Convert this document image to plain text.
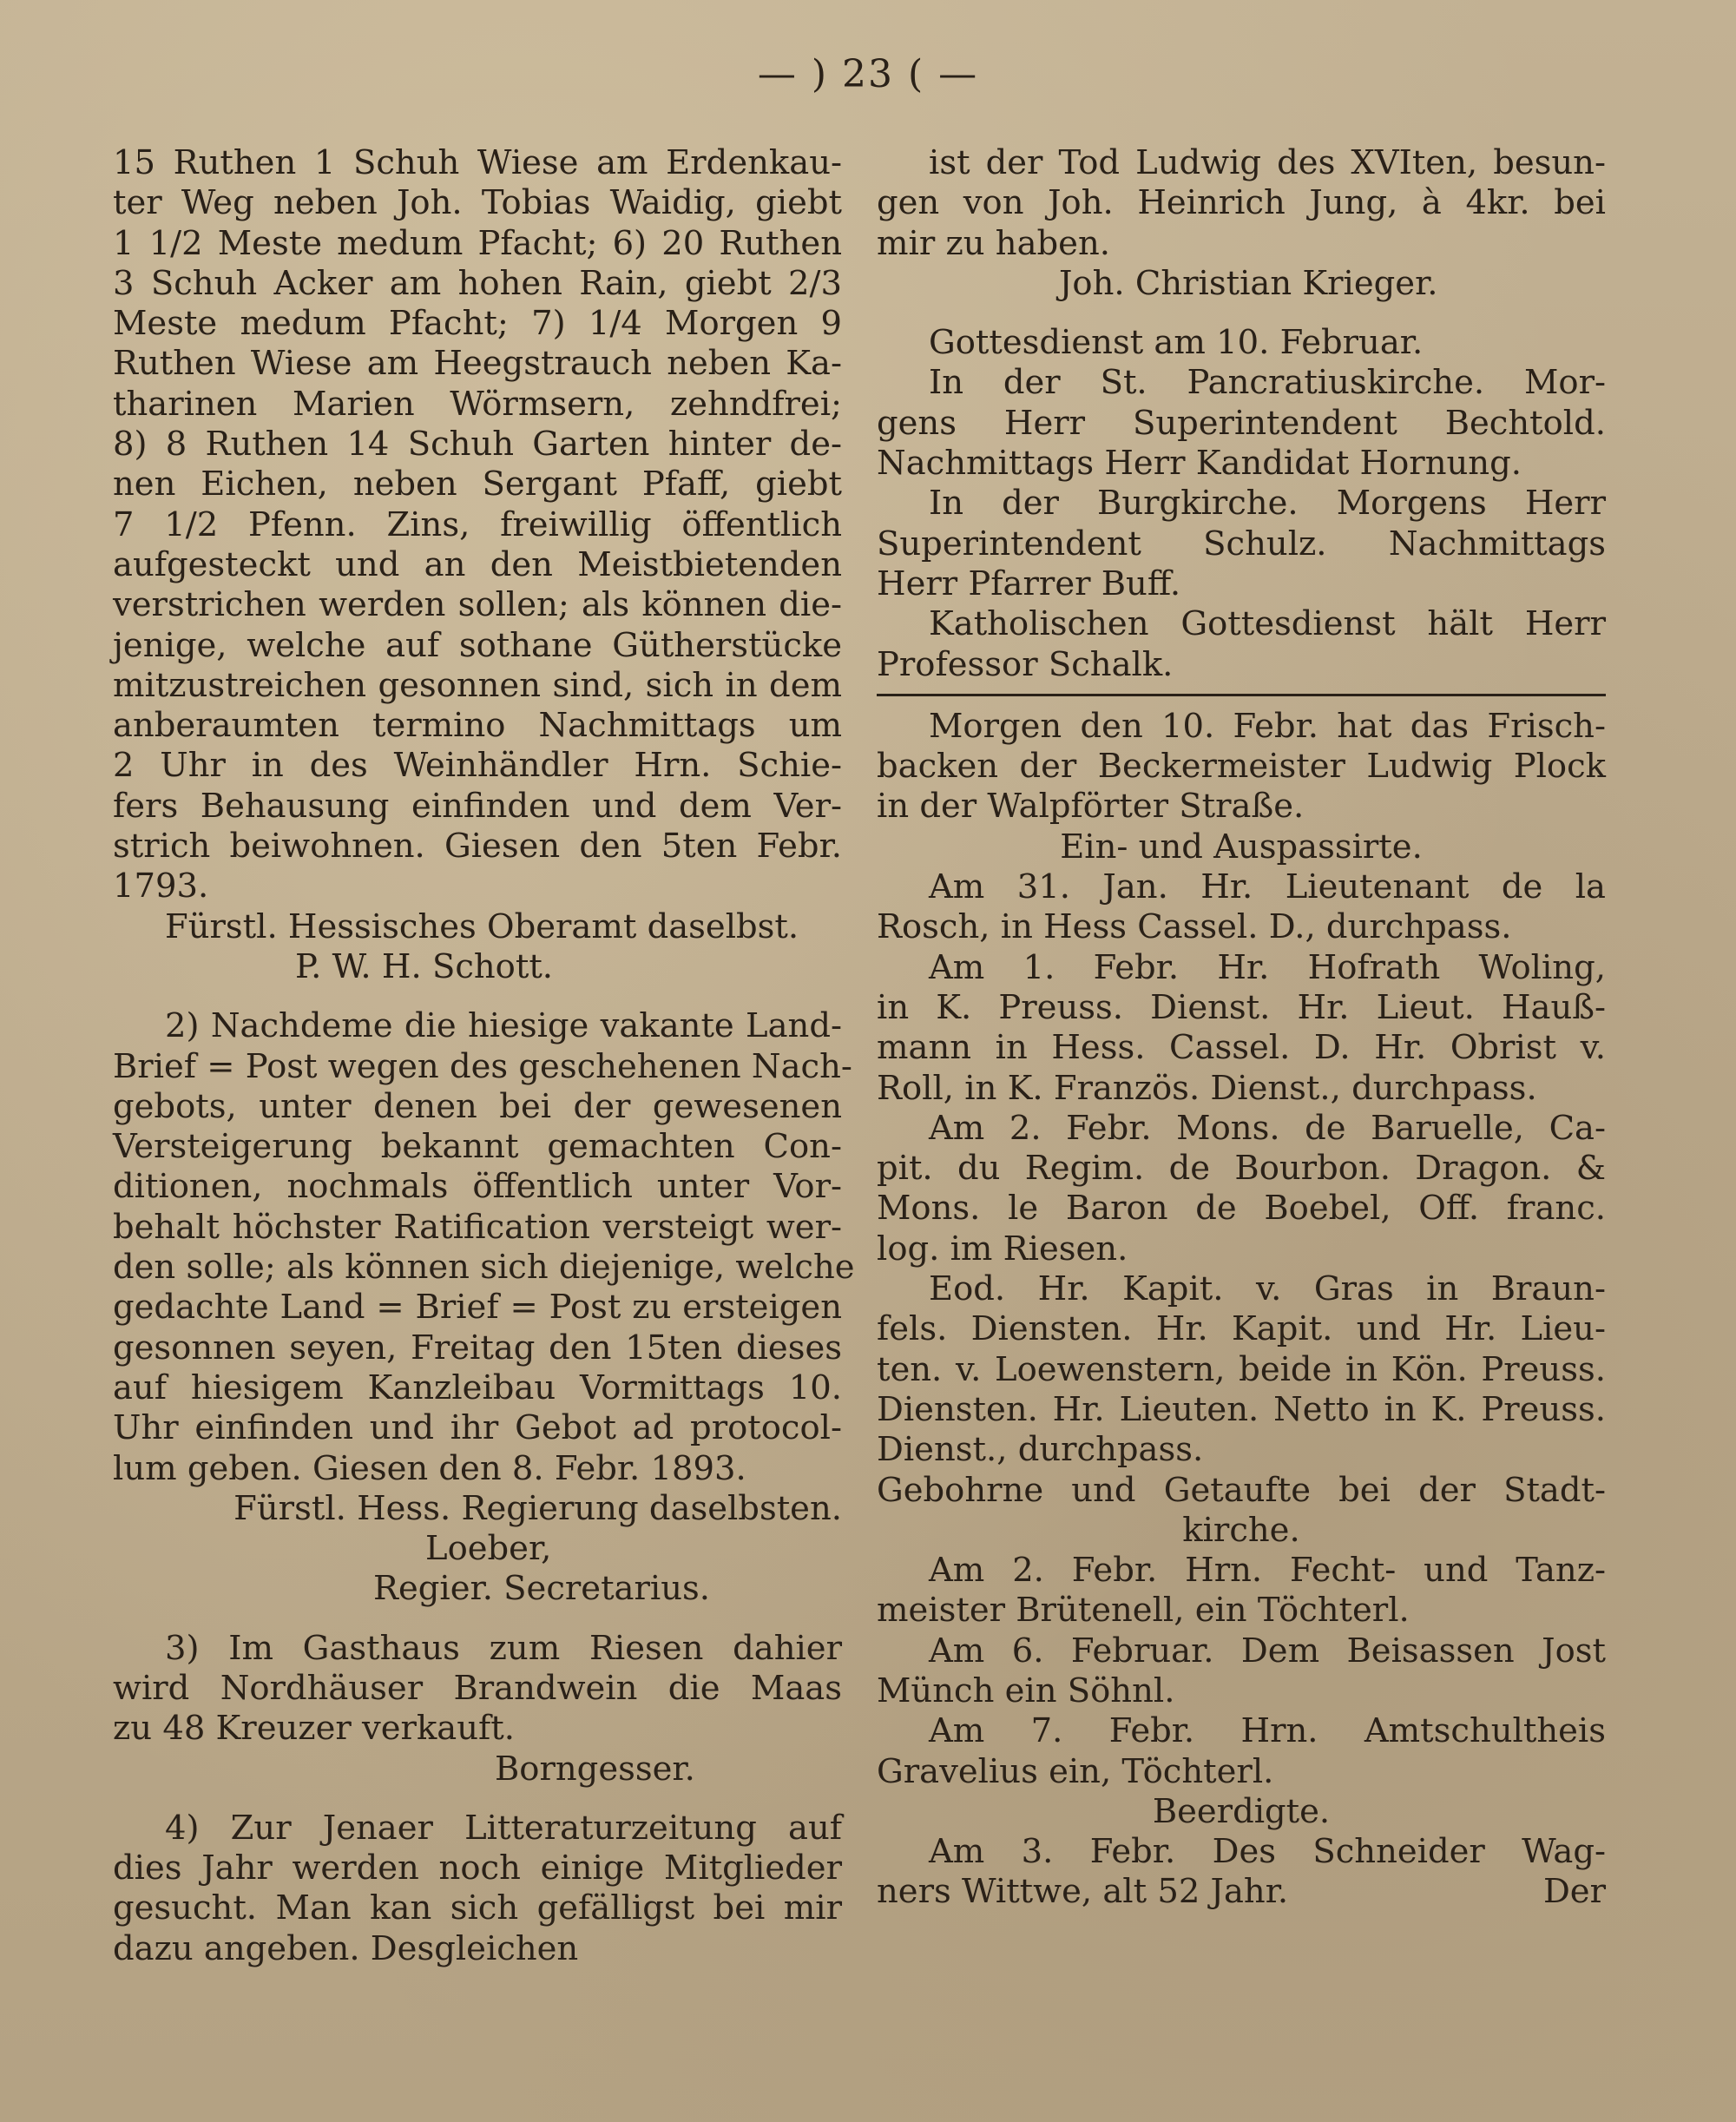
— ) 23 ( —
15 Ruthen 1 Schuh Wiese am Erdenkau-
ter Weg neben Joh. Tobias Waidig, giebt
1 1/2 Meste medum Pfacht; 6) 20 Ruthen
3 Schuh Acker am hohen Rain, giebt 2/3
Meste medum Pfacht; 7) 1/4 Morgen 9
Ruthen Wiese am Heegstrauch neben Ka-
tharinen Marien Wörmsern, zehndfrei;
8) 8 Ruthen 14 Schuh Garten hinter de-
nen Eichen, neben Sergant Pfaff, giebt
7 1/2 Pfenn. Zins, freiwillig öffentlich
aufgesteckt und an den Meistbietenden
verstrichen werden sollen; als können die-
jenige, welche auf sothane Gütherstücke
mitzustreichen gesonnen sind, sich in dem
anberaumten termino Nachmittags um
2 Uhr in des Weinhändler Hrn. Schie-
fers Behausung einfinden und dem Ver-
strich beiwohnen. Giesen den 5ten Febr.
1793.
Fürstl. Hessisches Oberamt daselbst.
P. W. H. Schott.
2) Nachdeme die hiesige vakante Land-
Brief = Post wegen des geschehenen Nach-
gebots, unter denen bei der gewesenen
Versteigerung bekannt gemachten Con-
ditionen, nochmals öffentlich unter Vor-
behalt höchster Ratification versteigt wer-
den solle; als können sich diejenige, welche
gedachte Land = Brief = Post zu ersteigen
gesonnen seyen, Freitag den 15ten dieses
auf hiesigem Kanzleibau Vormittags 10.
Uhr einfinden und ihr Gebot ad protocol-
lum geben. Giesen den 8. Febr. 1893.
Fürstl. Hess. Regierung daselbsten.
Loeber,
Regier. Secretarius.
3) Im Gasthaus zum Riesen dahier
wird Nordhäuser Brandwein die Maas
zu 48 Kreuzer verkauft.
Borngesser.
4) Zur Jenaer Litteraturzeitung auf
dies Jahr werden noch einige Mitglieder
gesucht. Man kan sich gefälligst bei mir
dazu angeben. Desgleichen
ist der Tod Ludwig des XVIten, besun-
gen von Joh. Heinrich Jung, à 4kr. bei
mir zu haben.
Joh. Christian Krieger.
Gottesdienst am 10. Februar.
In der St. Pancratiuskirche. Mor-
gens Herr Superintendent Bechtold.
Nachmittags Herr Kandidat Hornung.
In der Burgkirche. Morgens Herr
Superintendent Schulz. Nachmittags
Herr Pfarrer Buff.
Katholischen Gottesdienst hält Herr
Professor Schalk.
Morgen den 10. Febr. hat das Frisch-
backen der Beckermeister Ludwig Plock
in der Walpförter Straße.
Ein- und Auspassirte.
Am 31. Jan. Hr. Lieutenant de la
Rosch, in Hess Cassel. D., durchpass.
Am 1. Febr. Hr. Hofrath Woling,
in K. Preuss. Dienst. Hr. Lieut. Hauß-
mann in Hess. Cassel. D. Hr. Obrist v.
Roll, in K. Französ. Dienst., durchpass.
Am 2. Febr. Mons. de Baruelle, Ca-
pit. du Regim. de Bourbon. Dragon. &
Mons. le Baron de Boebel, Off. franc.
log. im Riesen.
Eod. Hr. Kapit. v. Gras in Braun-
fels. Diensten. Hr. Kapit. und Hr. Lieu-
ten. v. Loewenstern, beide in Kön. Preuss.
Diensten. Hr. Lieuten. Netto in K. Preuss.
Dienst., durchpass.
Gebohrne und Getaufte bei der Stadt-
kirche.
Am 2. Febr. Hrn. Fecht- und Tanz-
meister Brütenell, ein Töchterl.
Am 6. Februar. Dem Beisassen Jost
Münch ein Söhnl.
Am 7. Febr. Hrn. Amtschultheis
Gravelius ein, Töchterl.
Beerdigte.
Am 3. Febr. Des Schneider Wag-
ners Wittwe, alt 52 Jahr.	Der
